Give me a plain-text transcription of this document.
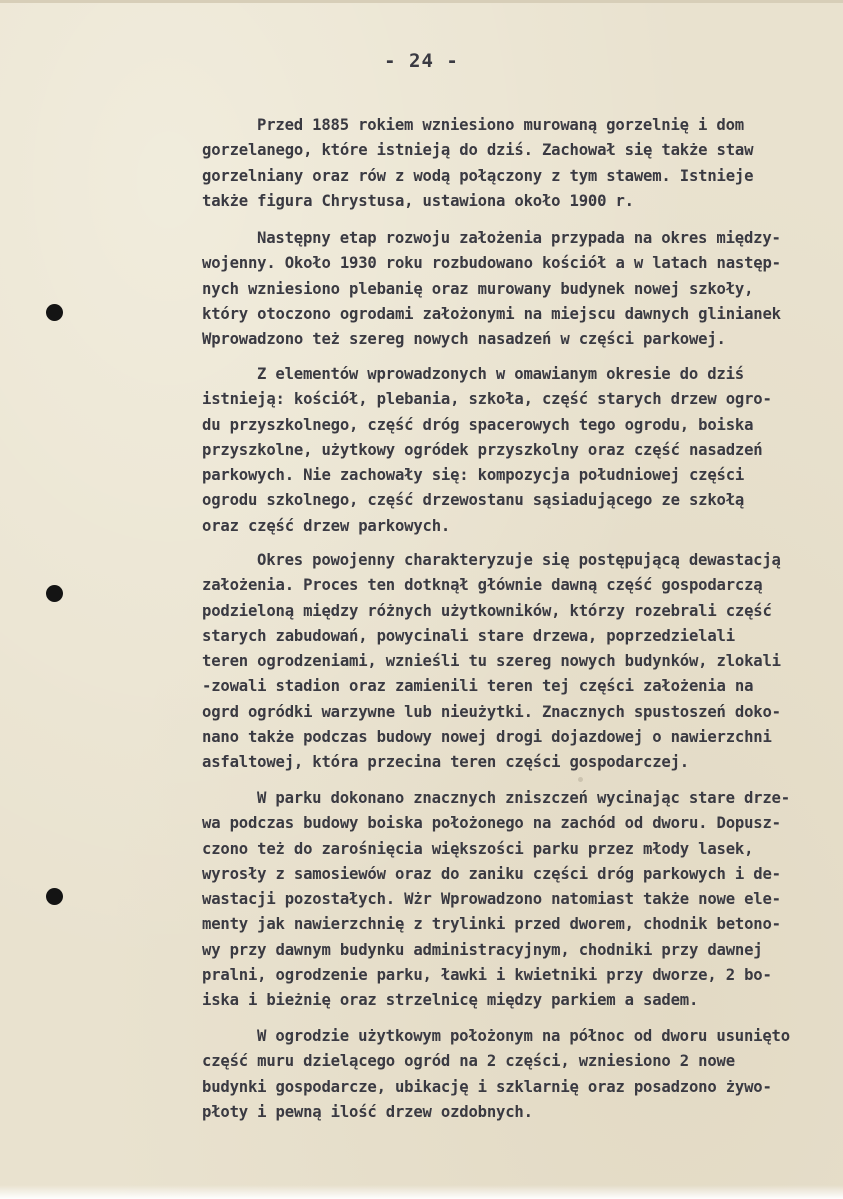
- 24 -
Przed 1885 rokiem wzniesiono murowaną gorzelnię i dom
gorzelanego, które istnieją do dziś. Zachował się także staw
gorzelniany oraz rów z wodą połączony z tym stawem. Istnieje
także figura Chrystusa, ustawiona około 1900 r.
Następny etap rozwoju założenia przypada na okres między-
wojenny. Około 1930 roku rozbudowano kościół a w latach następ-
nych wzniesiono plebanię oraz murowany budynek nowej szkoły,
który otoczono ogrodami założonymi na miejscu dawnych glinianek
Wprowadzono też szereg nowych nasadzeń w części parkowej.
Z elementów wprowadzonych w omawianym okresie do dziś
istnieją: kościół, plebania, szkoła, część starych drzew ogro-
du przyszkolnego, część dróg spacerowych tego ogrodu, boiska
przyszkolne, użytkowy ogródek przyszkolny oraz część nasadzeń
parkowych. Nie zachowały się: kompozycja południowej części
ogrodu szkolnego, część drzewostanu sąsiadującego ze szkołą
oraz część drzew parkowych.
Okres powojenny charakteryzuje się postępującą dewastacją
założenia. Proces ten dotknął głównie dawną część gospodarczą
podzieloną między różnych użytkowników, którzy rozebrali część
starych zabudowań, powycinali stare drzewa, poprzedzielali
teren ogrodzeniami, wznieśli tu szereg nowych budynków, zlokali
-zowali stadion oraz zamienili teren tej części założenia na
ogrd ogródki warzywne lub nieużytki. Znacznych spustoszeń doko-
nano także podczas budowy nowej drogi dojazdowej o nawierzchni
asfaltowej, która przecina teren części gospodarczej.
W parku dokonano znacznych zniszczeń wycinając stare drze-
wa podczas budowy boiska położonego na zachód od dworu. Dopusz-
czono też do zarośnięcia większości parku przez młody lasek,
wyrosły z samosiewów oraz do zaniku części dróg parkowych i de-
wastacji pozostałych. Wżr Wprowadzono natomiast także nowe ele-
menty jak nawierzchnię z trylinki przed dworem, chodnik betono-
wy przy dawnym budynku administracyjnym, chodniki przy dawnej
pralni, ogrodzenie parku, ławki i kwietniki przy dworze, 2 bo-
iska i bieżnię oraz strzelnicę między parkiem a sadem.
W ogrodzie użytkowym położonym na północ od dworu usunięto
część muru dzielącego ogród na 2 części, wzniesiono 2 nowe
budynki gospodarcze, ubikację i szklarnię oraz posadzono żywo-
płoty i pewną ilość drzew ozdobnych.
